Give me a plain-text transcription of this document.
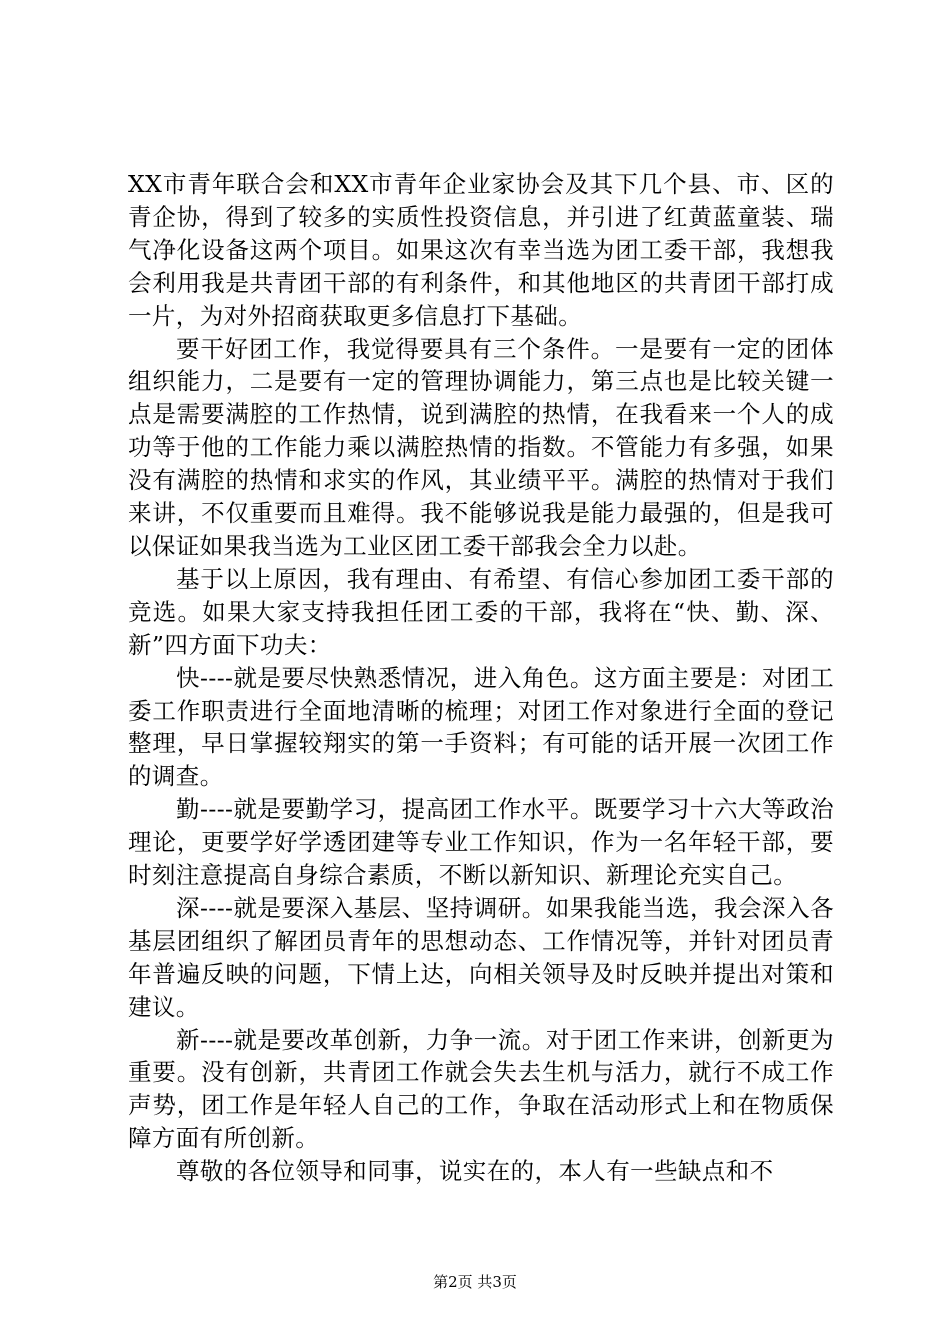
XX市青年联合会和XX市青年企业家协会及其下几个县、市、区的青企协，得到了较多的实质性投资信息，并引进了红黄蓝童装、瑞气净化设备这两个项目。如果这次有幸当选为团工委干部，我想我会利用我是共青团干部的有利条件，和其他地区的共青团干部打成一片，为对外招商获取更多信息打下基础。

要干好团工作，我觉得要具有三个条件。一是要有一定的团体组织能力，二是要有一定的管理协调能力，第三点也是比较关键一点是需要满腔的工作热情，说到满腔的热情，在我看来一个人的成功等于他的工作能力乘以满腔热情的指数。不管能力有多强，如果没有满腔的热情和求实的作风，其业绩平平。满腔的热情对于我们来讲，不仅重要而且难得。我不能够说我是能力最强的，但是我可以保证如果我当选为工业区团工委干部我会全力以赴。

基于以上原因，我有理由、有希望、有信心参加团工委干部的竞选。如果大家支持我担任团工委的干部，我将在“快、勤、深、新”四方面下功夫：

快----就是要尽快熟悉情况，进入角色。这方面主要是：对团工委工作职责进行全面地清晰的梳理；对团工作对象进行全面的登记整理，早日掌握较翔实的第一手资料；有可能的话开展一次团工作的调查。

勤----就是要勤学习，提高团工作水平。既要学习十六大等政治理论，更要学好学透团建等专业工作知识，作为一名年轻干部，要时刻注意提高自身综合素质，不断以新知识、新理论充实自己。

深----就是要深入基层、坚持调研。如果我能当选，我会深入各基层团组织了解团员青年的思想动态、工作情况等，并针对团员青年普遍反映的问题，下情上达，向相关领导及时反映并提出对策和建议。

新----就是要改革创新，力争一流。对于团工作来讲，创新更为重要。没有创新，共青团工作就会失去生机与活力，就行不成工作声势，团工作是年轻人自己的工作，争取在活动形式上和在物质保障方面有所创新。

尊敬的各位领导和同事，说实在的，本人有一些缺点和不

第2页 共3页
